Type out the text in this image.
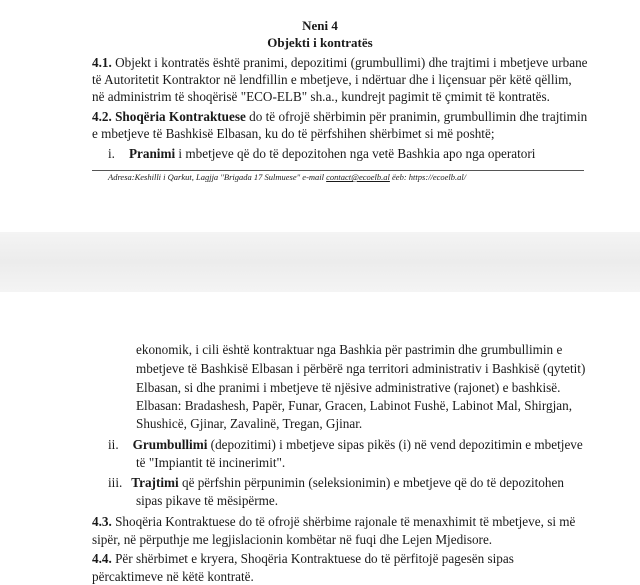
Neni 4
Objekti i kontratës
4.1. Objekt i kontratës është pranimi, depozitimi (grumbullimi) dhe trajtimi i mbetjeve urbane
të Autoritetit Kontraktor në lendfillin e mbetjeve, i ndërtuar dhe i liçensuar për këtë qëllim,
në administrim të shoqërisë "ECO-ELB" sh.a., kundrejt pagimit të çmimit të kontratës.
4.2. Shoqëria Kontraktuese do të ofrojë shërbimin për pranimin, grumbullimin dhe trajtimin
e mbetjeve të Bashkisë Elbasan, ku do të përfshihen shërbimet si më poshtë;
i. Pranimi i mbetjeve që do të depozitohen nga vetë Bashkia apo nga operatori
Adresa:Keshilli i Qarkut, Lagjja "Brigada 17 Sulmuese" e-mail contact@ecoelb.al ëeb: https://ecoelb.al/
ekonomik, i cili është kontraktuar nga Bashkia për pastrimin dhe grumbullimin e
mbetjeve të Bashkisë Elbasan i përbërë nga territori administrativ i Bashkisë (qytetit)
Elbasan, si dhe pranimi i mbetjeve të njësive administrative (rajonet) e bashkisë.
Elbasan: Bradashesh, Papër, Funar, Gracen, Labinot Fushë, Labinot Mal, Shirgjan,
Shushicë, Gjinar, Zavalinë, Tregan, Gjinar.
ii. Grumbullimi (depozitimi) i mbetjeve sipas pikës (i) në vend depozitimin e mbetjeve
të "Impiantit të incinerimit".
iii. Trajtimi që përfshin përpunimin (seleksionimin) e mbetjeve që do të depozitohen
sipas pikave të mësipërme.
4.3. Shoqëria Kontraktuese do të ofrojë shërbime rajonale të menaxhimit të mbetjeve, si më
sipër, në përputhje me legjislacionin kombëtar në fuqi dhe Lejen Mjedisore.
4.4. Për shërbimet e kryera, Shoqëria Kontraktuese do të përfitojë pagesën sipas
përcaktimeve në këtë kontratë.
